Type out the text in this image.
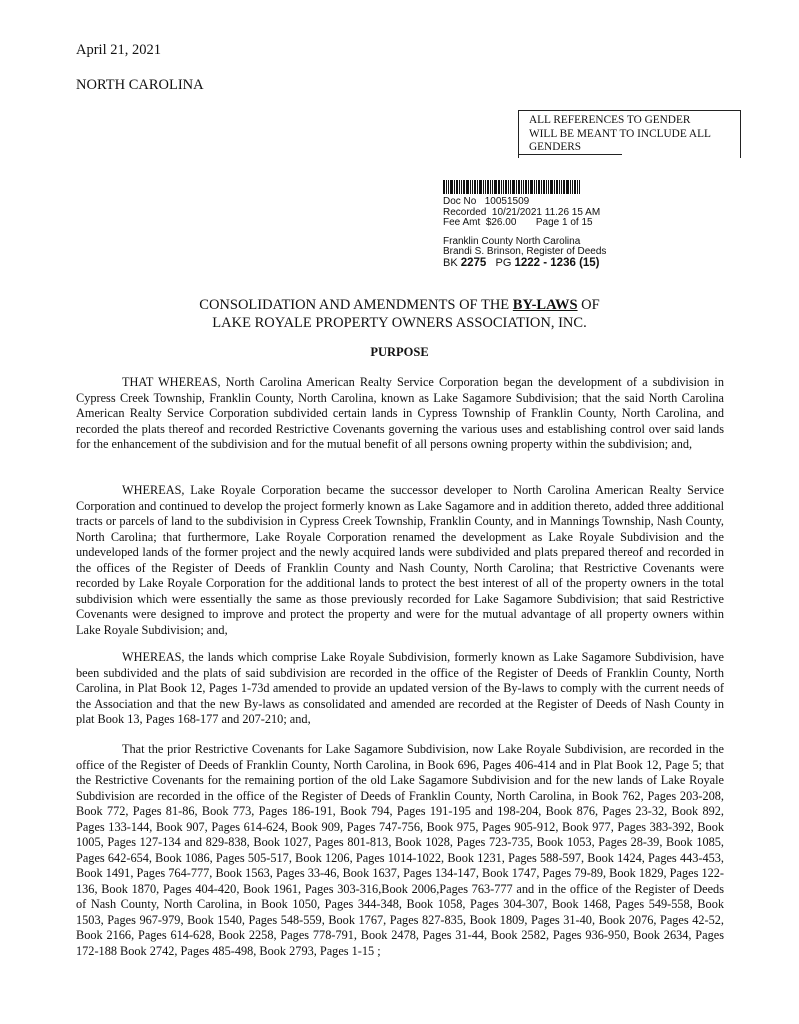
April 21, 2021
NORTH CAROLINA
ALL REFERENCES TO GENDER
WILL BE MEANT TO INCLUDE ALL
GENDERS
Doc No 10051509
Recorded 10/21/2021 11.26 15 AM
Fee Amt $26.00 Page 1 of 15
Franklin County North Carolina
Brandi S. Brinson, Register of Deeds
BK 2275 PG 1222 - 1236 (15)
CONSOLIDATION AND AMENDMENTS OF THE BY-LAWS OF
LAKE ROYALE PROPERTY OWNERS ASSOCIATION, INC.
PURPOSE
THAT WHEREAS, North Carolina American Realty Service Corporation began the development of a subdivision in Cypress Creek Township, Franklin County, North Carolina, known as Lake Sagamore Subdivision; that the said North Carolina American Realty Service Corporation subdivided certain lands in Cypress Township of Franklin County, North Carolina, and recorded the plats thereof and recorded Restrictive Covenants governing the various uses and establishing control over said lands for the enhancement of the subdivision and for the mutual benefit of all persons owning property within the subdivision; and,
WHEREAS, Lake Royale Corporation became the successor developer to North Carolina American Realty Service Corporation and continued to develop the project formerly known as Lake Sagamore and in addition thereto, added three additional tracts or parcels of land to the subdivision in Cypress Creek Township, Franklin County, and in Mannings Township, Nash County, North Carolina; that furthermore, Lake Royale Corporation renamed the development as Lake Royale Subdivision and the undeveloped lands of the former project and the newly acquired lands were subdivided and plats prepared thereof and recorded in the offices of the Register of Deeds of Franklin County and Nash County, North Carolina; that Restrictive Covenants were recorded by Lake Royale Corporation for the additional lands to protect the best interest of all of the property owners in the total subdivision which were essentially the same as those previously recorded for Lake Sagamore Subdivision; that said Restrictive Covenants were designed to improve and protect the property and were for the mutual advantage of all property owners within Lake Royale Subdivision; and,
WHEREAS, the lands which comprise Lake Royale Subdivision, formerly known as Lake Sagamore Subdivision, have been subdivided and the plats of said subdivision are recorded in the office of the Register of Deeds of Franklin County, North Carolina, in Plat Book 12, Pages 1-73d amended to provide an updated version of the By-laws to comply with the current needs of the Association and that the new By-laws as consolidated and amended are recorded at the Register of Deeds of Nash County in plat Book 13, Pages 168-177 and 207-210; and,
That the prior Restrictive Covenants for Lake Sagamore Subdivision, now Lake Royale Subdivision, are recorded in the office of the Register of Deeds of Franklin County, North Carolina, in Book 696, Pages 406-414 and in Plat Book 12, Page 5; that the Restrictive Covenants for the remaining portion of the old Lake Sagamore Subdivision and for the new lands of Lake Royale Subdivision are recorded in the office of the Register of Deeds of Franklin County, North Carolina, in Book 762, Pages 203-208, Book 772, Pages 81-86, Book 773, Pages 186-191, Book 794, Pages 191-195 and 198-204, Book 876, Pages 23-32, Book 892, Pages 133-144, Book 907, Pages 614-624, Book 909, Pages 747-756, Book 975, Pages 905-912, Book 977, Pages 383-392, Book 1005, Pages 127-134 and 829-838, Book 1027, Pages 801-813, Book 1028, Pages 723-735, Book 1053, Pages 28-39, Book 1085, Pages 642-654, Book 1086, Pages 505-517, Book 1206, Pages 1014-1022, Book 1231, Pages 588-597, Book 1424, Pages 443-453, Book 1491, Pages 764-777, Book 1563, Pages 33-46, Book 1637, Pages 134-147, Book 1747, Pages 79-89, Book 1829, Pages 122-136, Book 1870, Pages 404-420, Book 1961, Pages 303-316,Book 2006,Pages 763-777 and in the office of the Register of Deeds of Nash County, North Carolina, in Book 1050, Pages 344-348, Book 1058, Pages 304-307, Book 1468, Pages 549-558, Book 1503, Pages 967-979, Book 1540, Pages 548-559, Book 1767, Pages 827-835, Book 1809, Pages 31-40, Book 2076, Pages 42-52, Book 2166, Pages 614-628, Book 2258, Pages 778-791, Book 2478, Pages 31-44, Book 2582, Pages 936-950, Book 2634, Pages 172-188 Book 2742, Pages 485-498, Book 2793, Pages 1-15 ;
